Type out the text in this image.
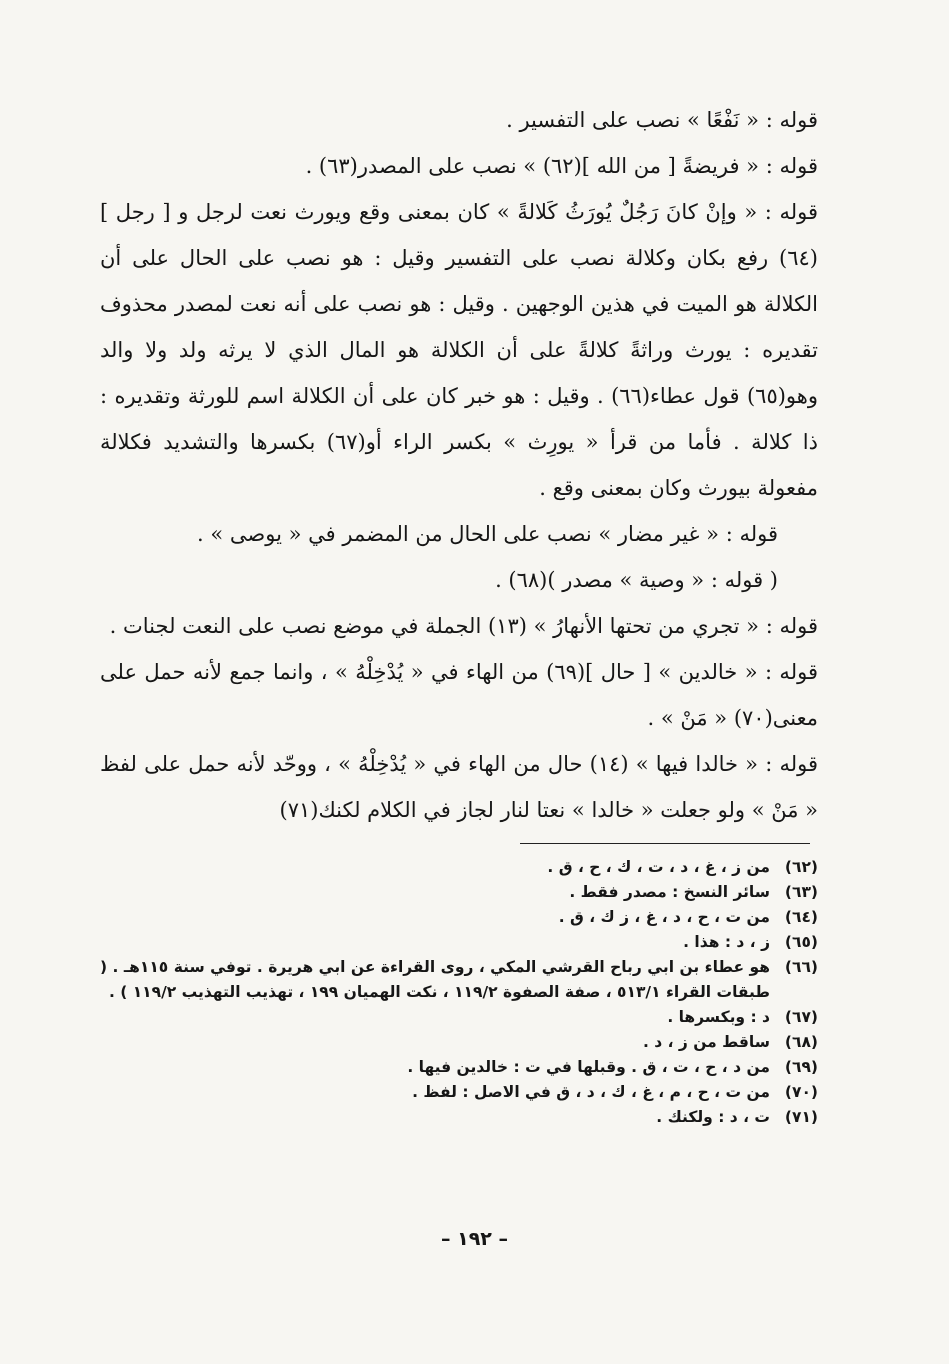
قوله : « نَفْعًا » نصب على التفسير .

قوله : « فريضةً [ من الله ](٦٢) » نصب على المصدر(٦٣) .

قوله : « وإنْ كانَ رَجُلٌ يُورَثُ كَلالةً » كان بمعنى وقع ويورث نعت لرجل و [ رجل ](٦٤) رفع بكان وكلالة نصب على التفسير وقيل : هو نصب على الحال على أن الكلالة هو الميت في هذين الوجهين . وقيل : هو نصب على أنه نعت لمصدر محذوف تقديره : يورث وراثةً كلالةً على أن الكلالة هو المال الذي لا يرثه ولد ولا والد وهو(٦٥) قول عطاء(٦٦) . وقيل : هو خبر كان على أن الكلالة اسم للورثة وتقديره : ذا كلالة . فأما من قرأ « يورِث » بكسر الراء أو(٦٧) بكسرها والتشديد فكلالة مفعولة بيورث وكان بمعنى وقع .

قوله : « غير مضار » نصب على الحال من المضمر في « يوصى » .

( قوله : « وصية » مصدر )(٦٨) .

قوله : « تجري من تحتها الأنهارُ » (١٣) الجملة في موضع نصب على النعت لجنات .

قوله : « خالدين » [ حال ](٦٩) من الهاء في « يُدْخِلْهُ » ، وانما جمع لأنه حمل على معنى(٧٠) « مَنْ » .

قوله : « خالدا فيها » (١٤) حال من الهاء في « يُدْخِلْهُ » ، ووحّد لأنه حمل على لفظ « مَنْ » ولو جعلت « خالدا » نعتا لنار لجاز في الكلام لكنك(٧١)

(٦٢)
من ز ، غ ، د ، ت ، ك ، ح ، ق .
(٦٣)
سائر النسخ : مصدر فقط .
(٦٤)
من ت ، ح ، د ، غ ، ز ك ، ق .
(٦٥)
ز ، د : هذا .
(٦٦)
هو عطاء بن ابي رباح القرشي المكي ، روى القراءة عن ابي هريرة . توفي سنة ١١٥هـ . ( طبقات القراء ٥١٣/١ ، صفة الصفوة ١١٩/٢ ، نكت الهميان ١٩٩ ، تهذيب التهذيب ١١٩/٢ ) .
(٦٧)
د : وبكسرها .
(٦٨)
ساقط من ز ، د .
(٦٩)
من د ، ح ، ت ، ق . وقبلها في ت : خالدين فيها .
(٧٠)
من ت ، ح ، م ، غ ، ك ، د ، ق في الاصل : لفظ .
(٧١)
ت ، د : ولكنك .
– ١٩٢ –
